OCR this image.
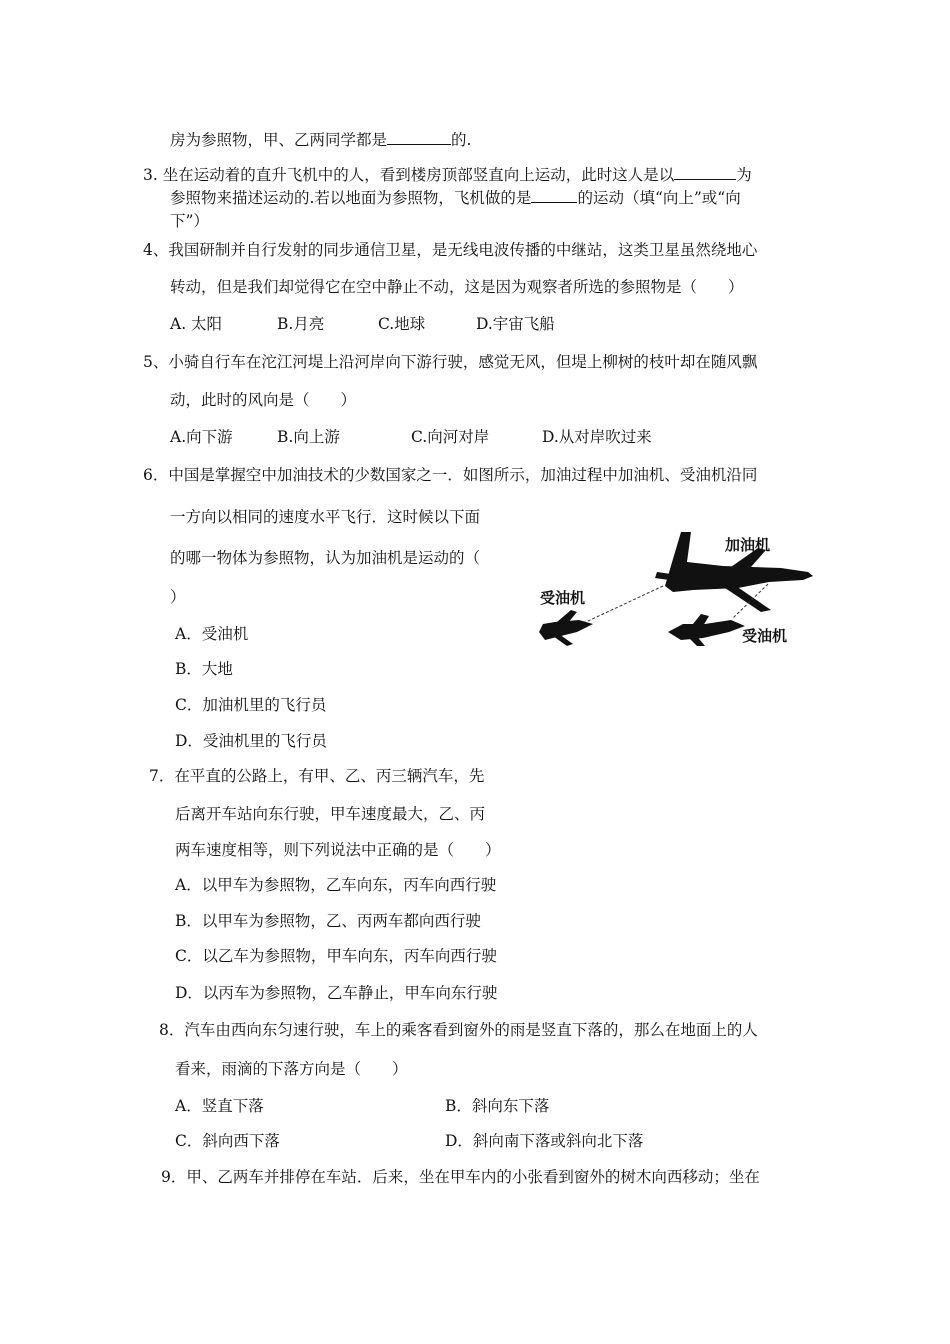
房为参照物，甲、乙两同学都是	的.
3. 坐在运动着的直升飞机中的人，看到楼房顶部竖直向上运动，此时这人是以	为
参照物来描述运动的.若以地面为参照物，飞机做的是	的运动（填“向上”或“向
下”）
4、我国研制并自行发射的同步通信卫星，是无线电波传播的中继站，这类卫星虽然绕地心
转动，但是我们却觉得它在空中静止不动，这是因为观察者所选的参照物是（　　）
A. 太阳	B.月亮	C.地球	D.宇宙飞船
5、小骑自行车在沱江河堤上沿河岸向下游行驶，感觉无风，但堤上柳树的枝叶却在随风飘
动，此时的风向是（　　）
A.向下游	B.向上游	C.向河对岸	D.从对岸吹过来
6．中国是掌握空中加油技术的少数国家之一．如图所示，加油过程中加油机、受油机沿同
一方向以相同的速度水平飞行．这时候以下面
的哪一物体为参照物，认为加油机是运动的（
）
A．受油机
B．大地
C．加油机里的飞行员
D．受油机里的飞行员
加油机
受油机
受油机
7．在平直的公路上，有甲、乙、丙三辆汽车，先
后离开车站向东行驶，甲车速度最大，乙、丙
两车速度相等，则下列说法中正确的是（　　）
A．以甲车为参照物，乙车向东，丙车向西行驶
B．以甲车为参照物，乙、丙两车都向西行驶
C．以乙车为参照物，甲车向东，丙车向西行驶
D．以丙车为参照物，乙车静止，甲车向东行驶
8．汽车由西向东匀速行驶，车上的乘客看到窗外的雨是竖直下落的，那么在地面上的人
看来，雨滴的下落方向是（　　）
A．竖直下落	B．斜向东下落
C．斜向西下落	D．斜向南下落或斜向北下落
9．甲、乙两车并排停在车站．后来，坐在甲车内的小张看到窗外的树木向西移动；坐在
